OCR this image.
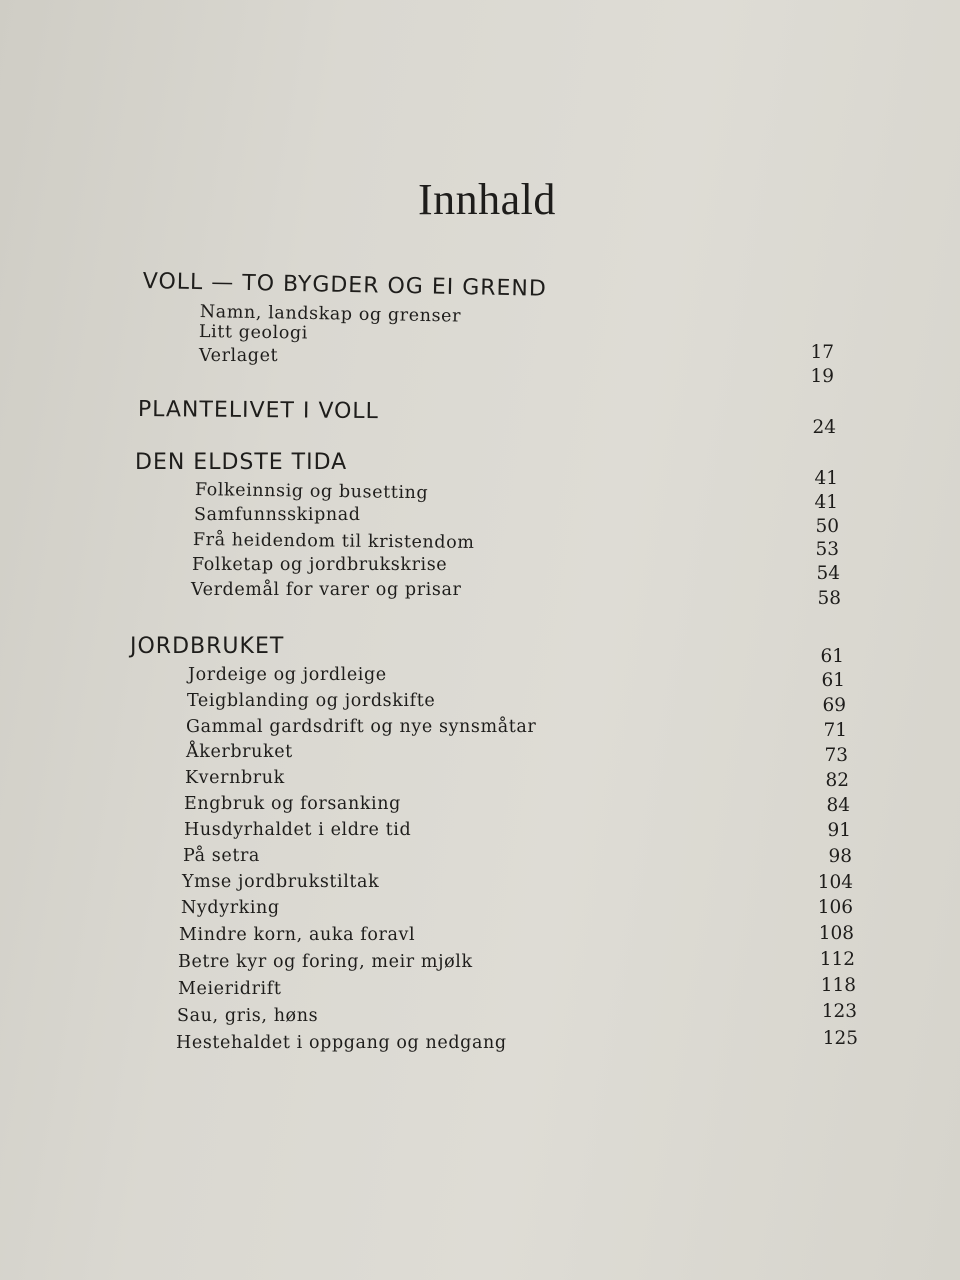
Innhald
VOLL — TO BYGDER OG EI GREND
Namn, landskap og grenser
Litt geologi
Verlaget	17
19
PLANTELIVET I VOLL
24
DEN ELDSTE TIDA
Folkeinnsig og busetting
Samfunnsskipnad
Frå heidendom til kristendom
Folketap og jordbrukskrise
Verdemål for varer og prisar
41
41
50
53
54
58
JORDBRUKET
Jordeige og jordleige
Teigblanding og jordskifte
Gammal gardsdrift og nye synsmåtar
Åkerbruket
Kvernbruk
Engbruk og forsanking
Husdyrhaldet i eldre tid
På setra
Ymse jordbrukstiltak
Nydyrking
Mindre korn, auka foravl
Betre kyr og foring, meir mjølk
Meieridrift
Sau, gris, høns
Hestehaldet i oppgang og nedgang
61
61
69
71
73
82
84
91
98
104
106
108
112
118
123
125
